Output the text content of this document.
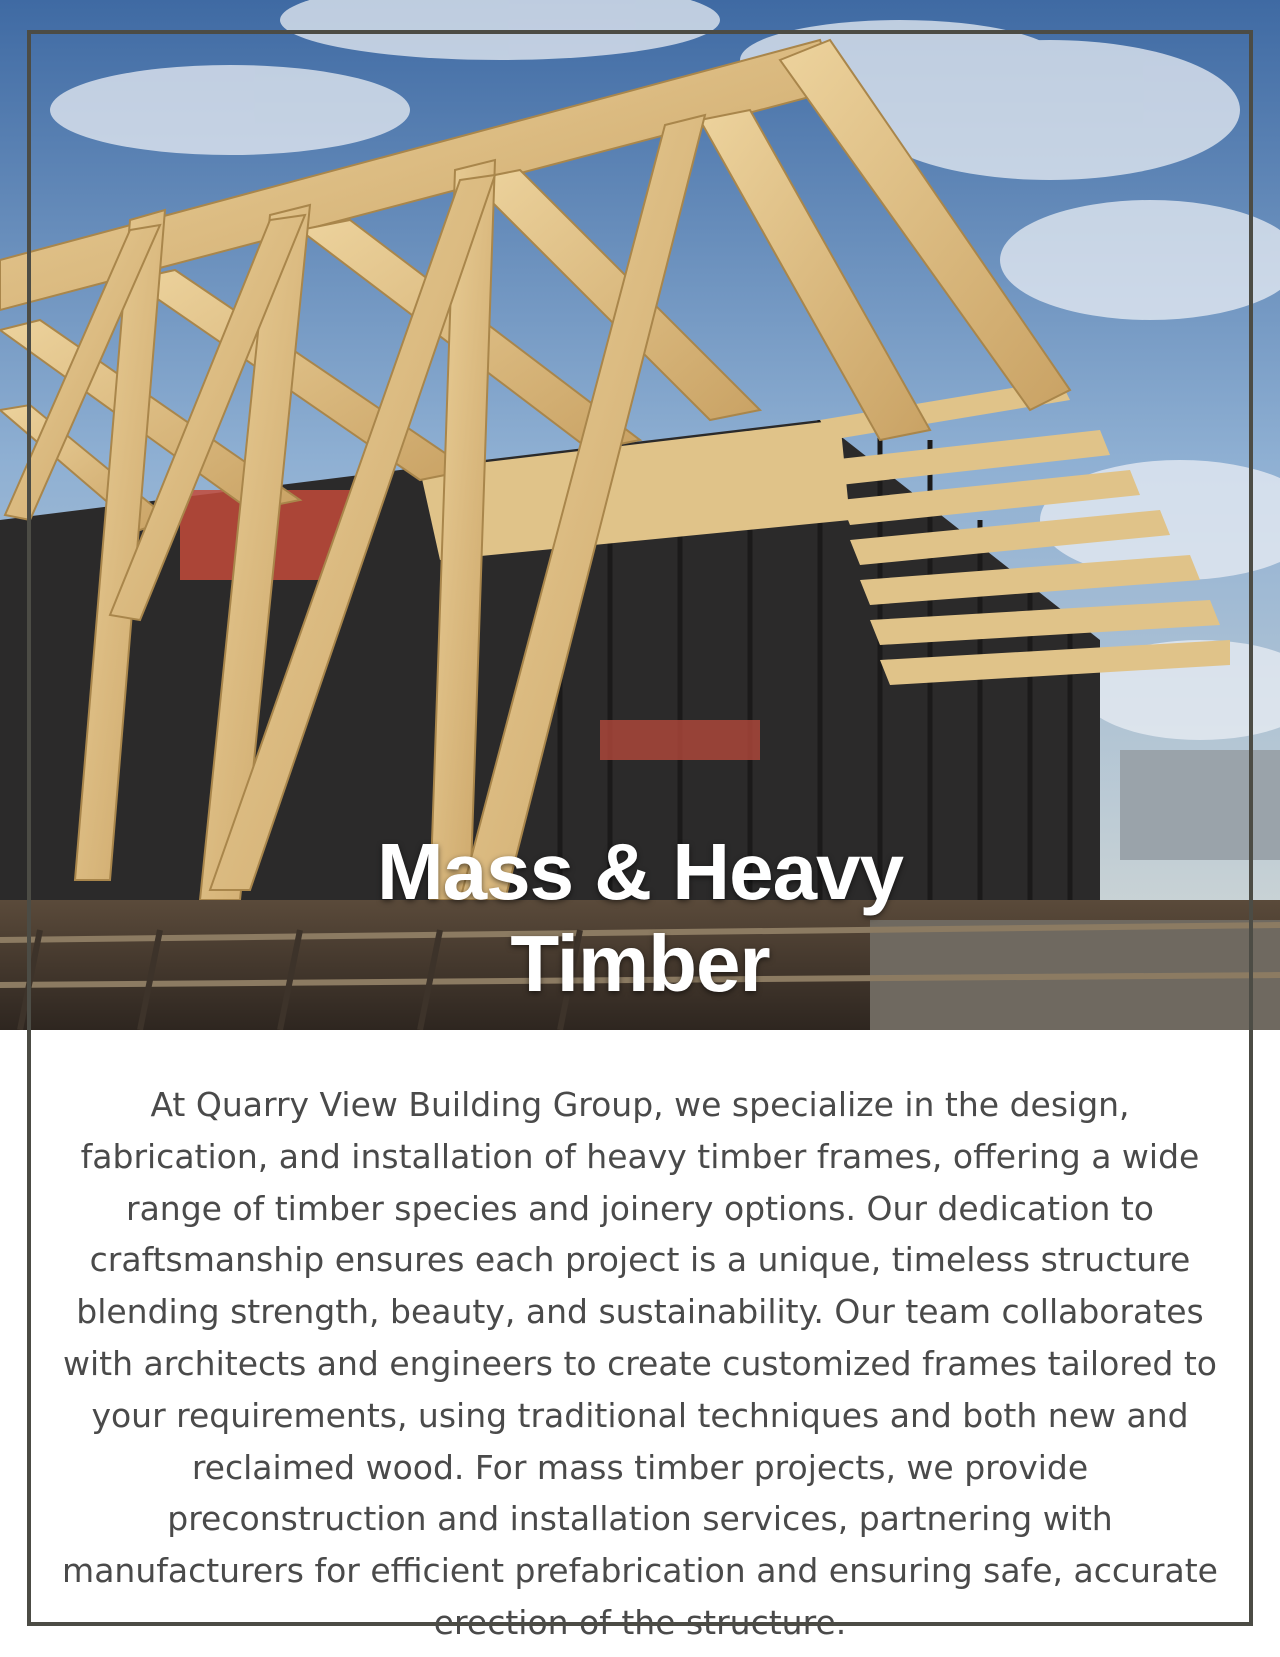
Mass & Heavy
Timber

At Quarry View Building Group, we specialize in the design, fabrication, and installation of heavy timber frames, offering a wide range of timber species and joinery options. Our dedication to craftsmanship ensures each project is a unique, timeless structure blending strength, beauty, and sustainability. Our team collaborates with architects and engineers to create customized frames tailored to your requirements, using traditional techniques and both new and reclaimed wood. For mass timber projects, we provide preconstruction and installation services, partnering with manufacturers for efficient prefabrication and ensuring safe, accurate erection of the structure.
